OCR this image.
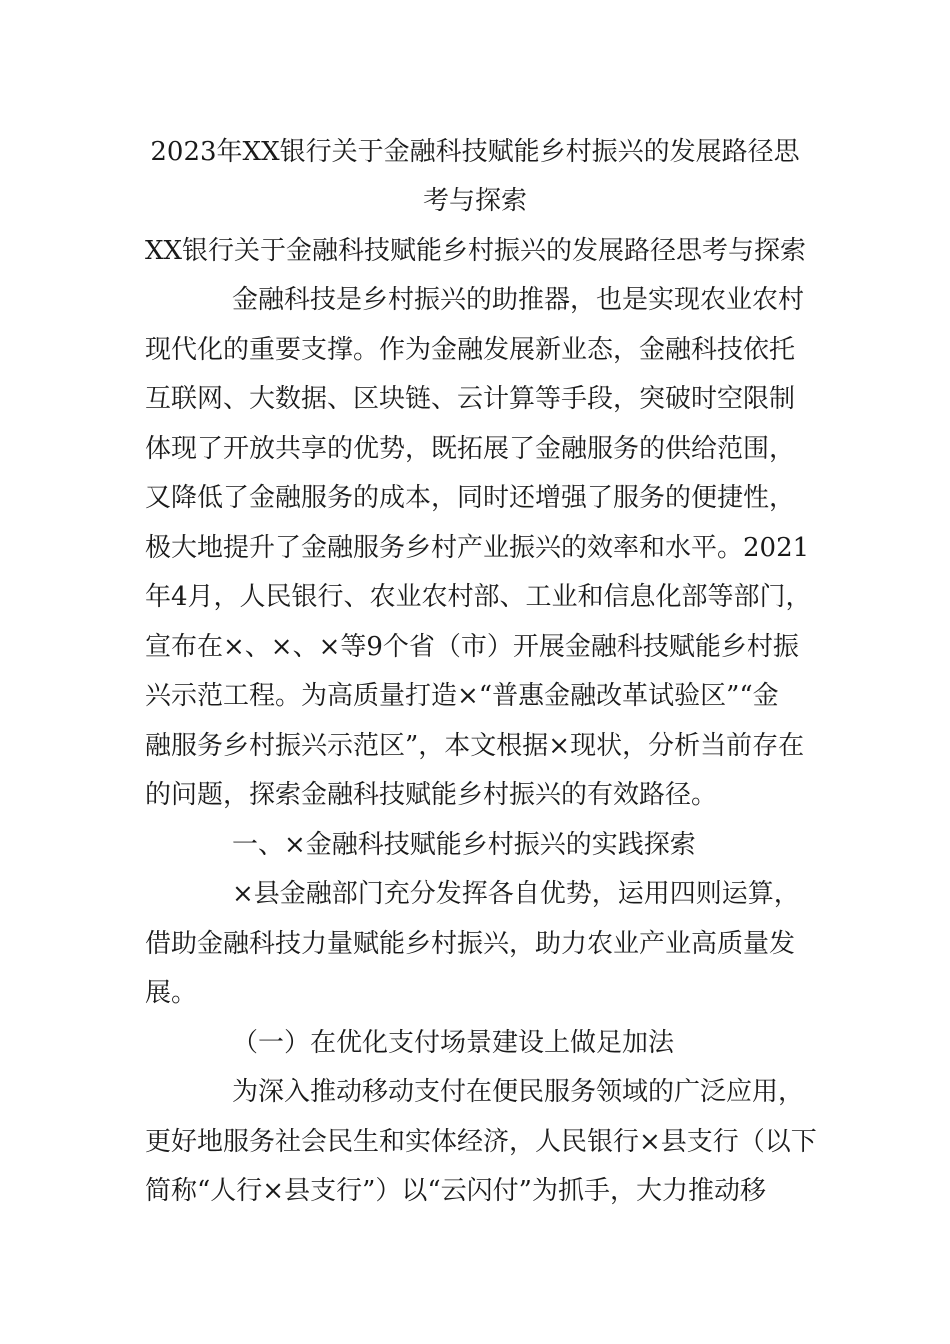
2023年XX银行关于金融科技赋能乡村振兴的发展路径思
考与探索

XX银行关于金融科技赋能乡村振兴的发展路径思考与探索

金融科技是乡村振兴的助推器，也是实现农业农村

现代化的重要支撑。作为金融发展新业态，金融科技依托

互联网、大数据、区块链、云计算等手段，突破时空限制

体现了开放共享的优势，既拓展了金融服务的供给范围，

又降低了金融服务的成本，同时还增强了服务的便捷性，

极大地提升了金融服务乡村产业振兴的效率和水平。2021

年4月，人民银行、农业农村部、工业和信息化部等部门，

宣布在×、×、×等9个省（市）开展金融科技赋能乡村振

兴示范工程。为高质量打造×“普惠金融改革试验区”“金

融服务乡村振兴示范区”，本文根据×现状，分析当前存在

的问题，探索金融科技赋能乡村振兴的有效路径。

一、×金融科技赋能乡村振兴的实践探索

×县金融部门充分发挥各自优势，运用四则运算，

借助金融科技力量赋能乡村振兴，助力农业产业高质量发

展。

（一）在优化支付场景建设上做足加法

为深入推动移动支付在便民服务领域的广泛应用，

更好地服务社会民生和实体经济，人民银行×县支行（以下

简称“人行×县支行”）以“云闪付”为抓手，大力推动移
